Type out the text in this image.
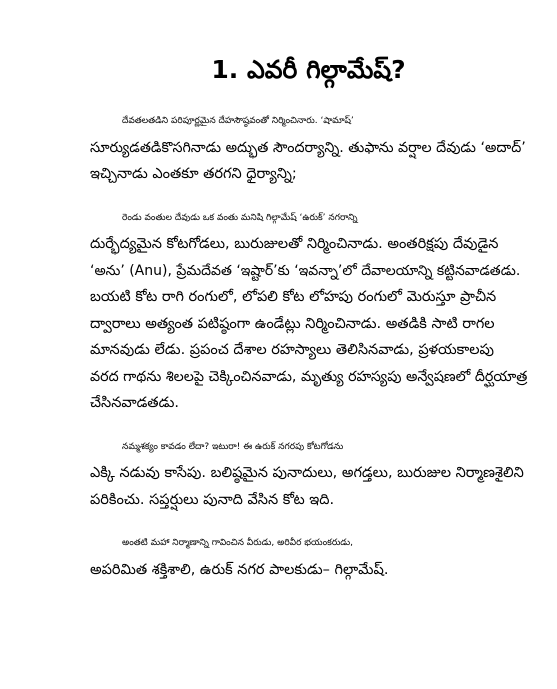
1. ఎవరీ గిల్గామేష్?

దేవతలతడిని పరిపూర్ణమైన దేహసౌష్ఠవంతో నిర్మించినారు. ‘షామాష్’
సూర్యుడతడికొసగినాడు అద్భుత సౌందర్యాన్ని. తుఫాను వర్షాల దేవుడు ‘అదాద్’
ఇచ్చినాడు ఎంతకూ తరగని ధైర్యాన్ని;

రెండు వంతుల దేవుడు ఒక వంతు మనిషి గిల్గామేష్ ‘ఉరుక్’ నగరాన్ని
దుర్భేద్యమైన కోటగోడలు, బురుజులతో నిర్మించినాడు. అంతరిక్షపు దేవుడైన
‘అను’ (Anu), ప్రేమదేవత ‘ఇష్టార్’కు ‘ఇవన్నా’లో దేవాలయాన్ని కట్టినవాడతడు.
బయటి కోట రాగి రంగులో, లోపలి కోట లోహపు రంగులో మెరుస్తూ ప్రాచీన
ద్వారాలు అత్యంత పటిష్ఠంగా ఉండేట్లు నిర్మించినాడు. అతడికి సాటి రాగల
మానవుడు లేడు. ప్రపంచ దేశాల రహస్యాలు తెలిసినవాడు, ప్రళయకాలపు
వరద గాథను శిలలపై చెక్కించినవాడు, మృత్యు రహస్యపు అన్వేషణలో దీర్ఘయాత్ర
చేసినవాడతడు.

నమ్మశక్యం కావడం లేదా? ఇటురా! ఈ ఉరుక్ నగరపు కోటగోడను
ఎక్కి నడువు కాసేపు. బలిష్ఠమైన పునాదులు, అగడ్తలు, బురుజుల నిర్మాణశైలిని
పరికించు. సప్తర్షులు పునాది వేసిన కోట ఇది.

అంతటి మహా నిర్మాణాన్ని గావించిన వీరుడు, అరివీర భయంకరుడు,
అపరిమిత శక్తిశాలి, ఉరుక్ నగర పాలకుడు– గిల్గామేష్.
